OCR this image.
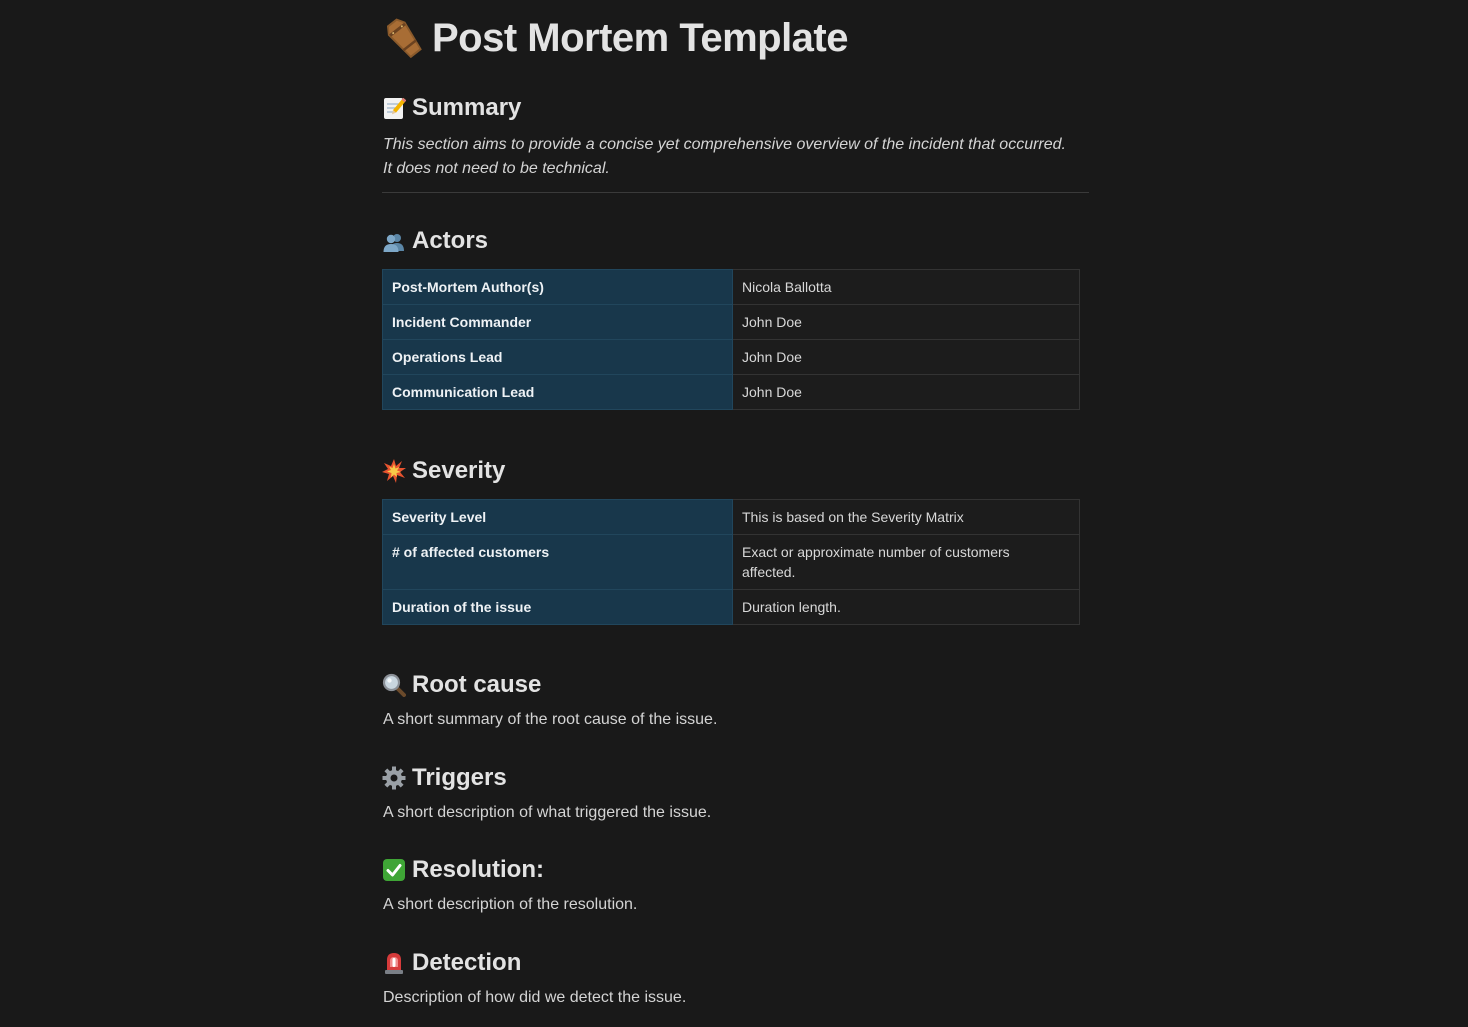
Post Mortem Template
Summary
This section aims to provide a concise yet comprehensive overview of the incident that occurred.
It does not need to be technical.
Actors
Post-Mortem Author(s)	Nicola Ballotta
Incident Commander	John Doe
Operations Lead	John Doe
Communication Lead	John Doe
Severity
Severity Level	This is based on the Severity Matrix
# of affected customers	Exact or approximate number of customers
affected.

Duration of the issue	Duration length.
Root cause
A short summary of the root cause of the issue.
Triggers
A short description of what triggered the issue.
Resolution:
A short description of the resolution.
Detection
Description of how did we detect the issue.
